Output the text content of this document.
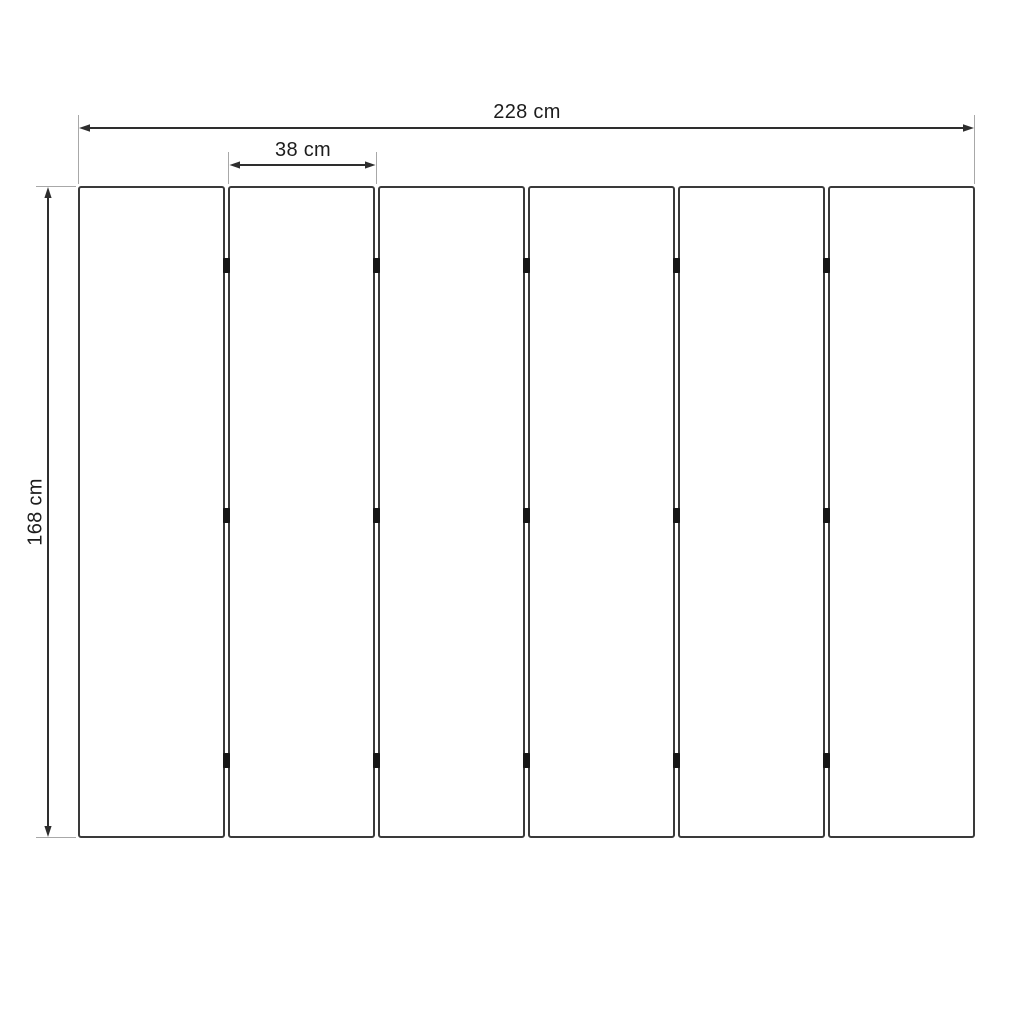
228 cm
38 cm
168 cm
